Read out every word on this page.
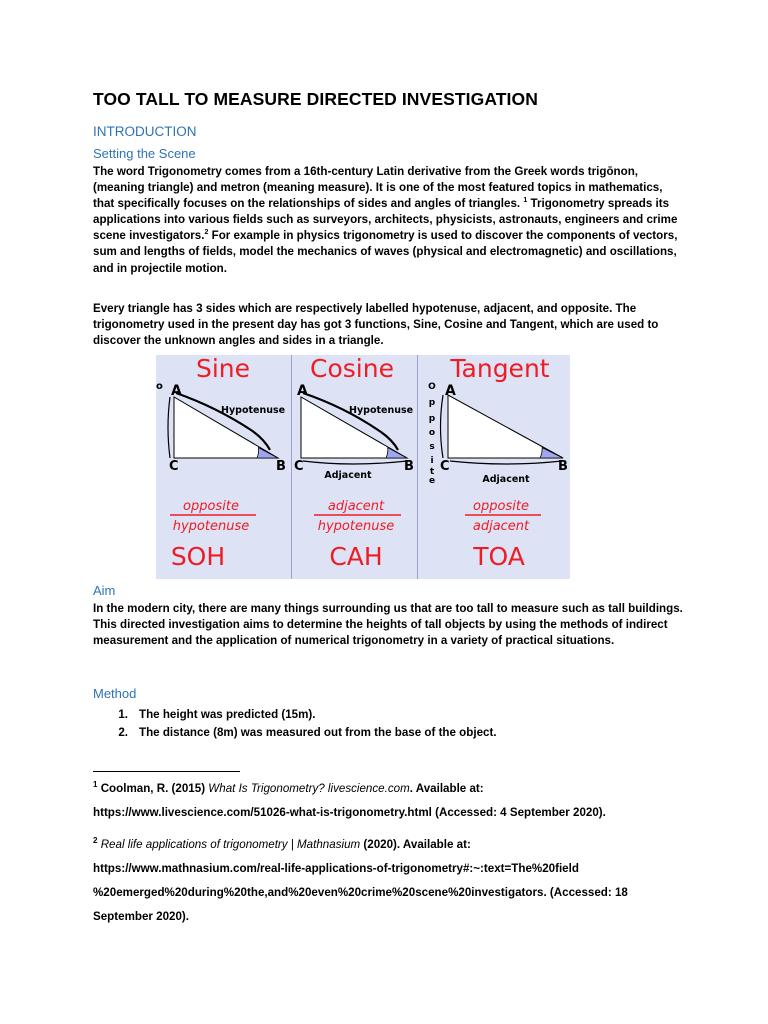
TOO TALL TO MEASURE DIRECTED INVESTIGATION
INTRODUCTION
Setting the Scene
The word Trigonometry comes from a 16th-century Latin derivative from the Greek words trigōnon, (meaning triangle) and metron (meaning measure). It is one of the most featured topics in mathematics, that specifically focuses on the relationships of sides and angles of triangles. $^1$ Trigonometry spreads its applications into various fields such as surveyors, architects, physicists, astronauts, engineers and crime scene investigators.$^2$ For example in physics trigonometry is used to discover the components of vectors, sum and lengths of fields, model the mechanics of waves (physical and electromagnetic) and oscillations, and in projectile motion.
Every triangle has 3 sides which are respectively labelled hypotenuse, adjacent, and opposite. The trigonometry used in the present day has got 3 functions, Sine, Cosine and Tangent, which are used to discover the unknown angles and sides in a triangle.
Sine
o A
C	B
Hypotenuse
opposite
hypotenuse
SOH
Cosine
A
C	B
Hypotenuse
Adjacent
adjacent
hypotenuse
CAH
Tangent
O
p
p
o
s
i
t
e
A
C	B
Adjacent
opposite
adjacent
TOA
Aim
In the modern city, there are many things surrounding us that are too tall to measure such as tall buildings. This directed investigation aims to determine the heights of tall objects by using the methods of indirect measurement and the application of numerical trigonometry in a variety of practical situations.
Method
1. The height was predicted (15m).
2. The distance (8m) was measured out from the base of the object.
$^1$ Coolman, R. (2015) What Is Trigonometry? livescience.com. Available at:
https://www.livescience.com/51026-what-is-trigonometry.html (Accessed: 4 September 2020).
$^2$ Real life applications of trigonometry | Mathnasium (2020). Available at:
https://www.mathnasium.com/real-life-applications-of-trigonometry#:~:text=The%20field
%20emerged%20during%20the,and%20even%20crime%20scene%20investigators. (Accessed: 18
September 2020).
